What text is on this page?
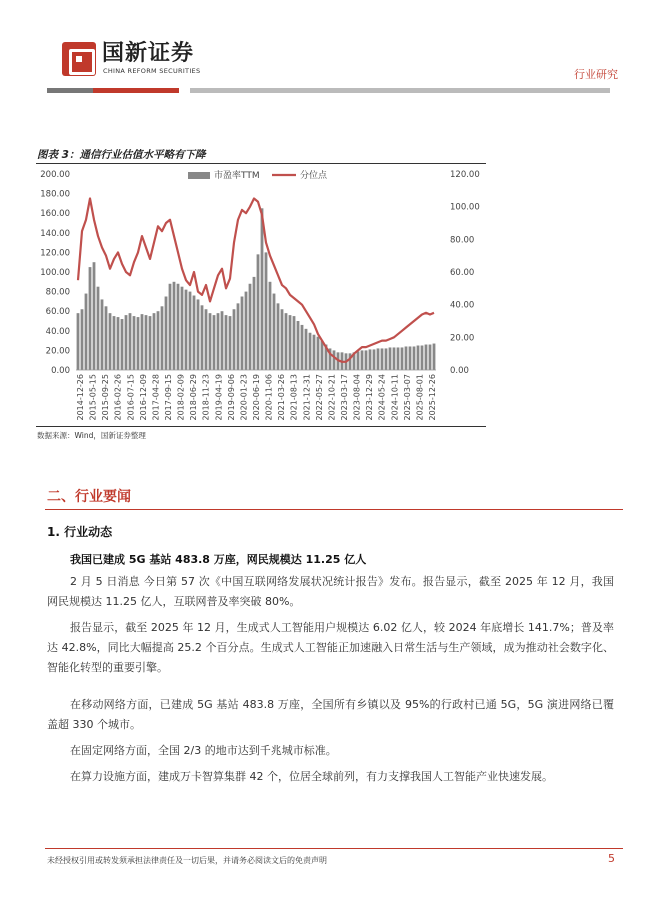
国新证券
CHINA REFORM SECURITIES	行业研究
图表 3：通信行业估值水平略有下降
200.00
180.00
160.00
140.00
120.00
100.00
80.00
60.00
40.00
20.00
0.00
120.00
100.00
80.00
60.00
40.00
20.00
0.00
2014-12-26 2015-05-15 2015-09-25 2016-02-26 2016-07-15 2016-12-09 2017-04-28 2017-09-15 2018-02-09 2018-06-29 2018-11-23 2019-04-19 2019-09-06 2020-01-23 2020-06-19 2020-11-06 2021-03-26 2021-08-13 2021-12-31 2022-05-27 2022-10-21 2023-03-17 2023-08-04 2023-12-29 2024-05-24 2024-10-11 2025-03-07 2025-08-01 2025-12-26
市盈率TTM	分位点
数据来源：Wind，国新证券整理
二、行业要闻
1. 行业动态
我国已建成 5G 基站 483.8 万座，网民规模达 11.25 亿人
2 月 5 日消息 今日第 57 次《中国互联网络发展状况统计报告》发布。报告显示，截至 2025 年 12 月，我国网民规模达 11.25 亿人，互联网普及率突破 80%。
报告显示，截至 2025 年 12 月，生成式人工智能用户规模达 6.02 亿人，较 2024 年底增长 141.7%；普及率达 42.8%，同比大幅提高 25.2 个百分点。生成式人工智能正加速融入日常生活与生产领域，成为推动社会数字化、智能化转型的重要引擎。
在移动网络方面，已建成 5G 基站 483.8 万座，全国所有乡镇以及 95%的行政村已通 5G，5G 演进网络已覆盖超 330 个城市。
在固定网络方面，全国 2/3 的地市达到千兆城市标准。
在算力设施方面，建成万卡智算集群 42 个，位居全球前列，有力支撑我国人工智能产业快速发展。
未经授权引用或转发须承担法律责任及一切后果，并请务必阅读文后的免责声明	5
